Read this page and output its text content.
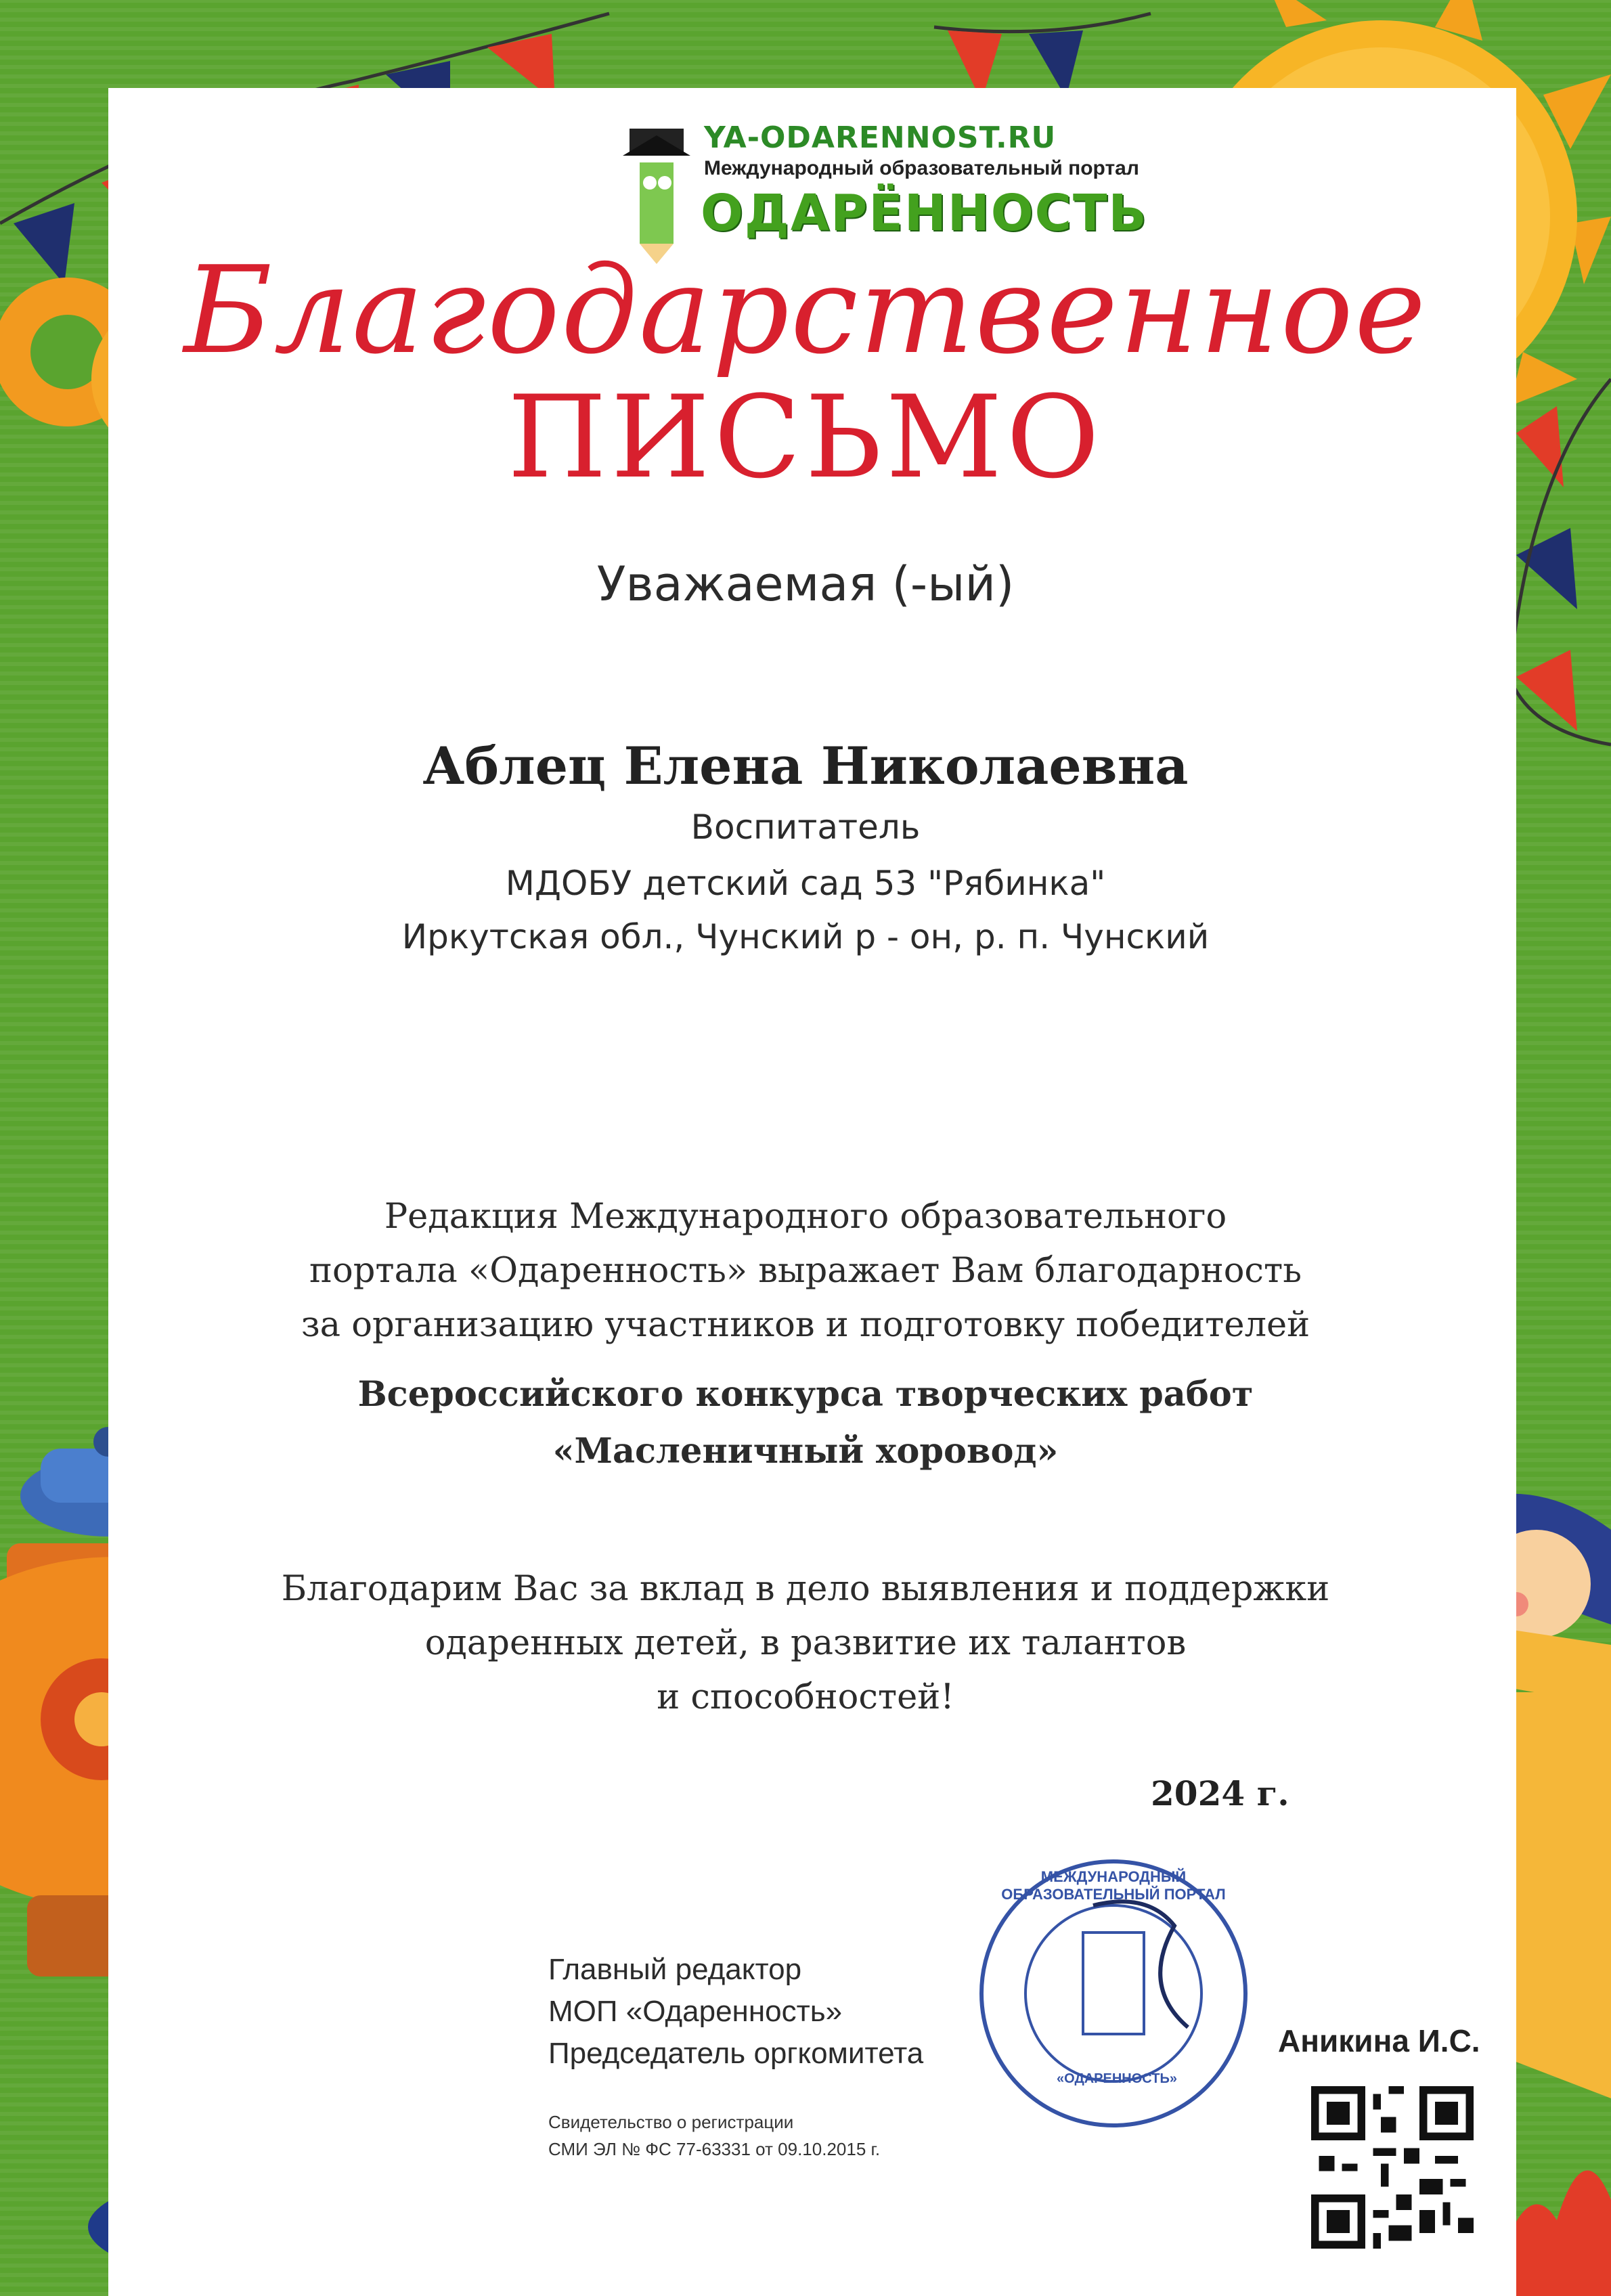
YA-ODARENNOST.RU
Международный образовательный портал
ОДАРЁННОСТЬ
Благодарственное
ПИСЬМО
Уважаемая (-ый)
Аблец Елена Николаевна
Воспитатель
МДОБУ детский сад 53 "Рябинка"
Иркутская обл., Чунский р - он, р. п. Чунский
Редакция Международного образовательного
портала «Одаренность» выражает Вам благодарность
за организацию участников и подготовку победителей
Всероссийского конкурса творческих работ
«Масленичный хоровод»
Благодарим Вас за вклад в дело выявления и поддержки
одаренных детей, в развитие их талантов
и способностей!
2024 г.
Главный редактор
МОП «Одаренность»
Председатель оргкомитета
Свидетельство о регистрации
СМИ ЭЛ № ФС 77-63331 от 09.10.2015 г.
МЕЖДУНАРОДНЫЙ ОБРАЗОВАТЕЛЬНЫЙ ПОРТАЛ
«ОДАРЕННОСТЬ»
Аникина И.С.
